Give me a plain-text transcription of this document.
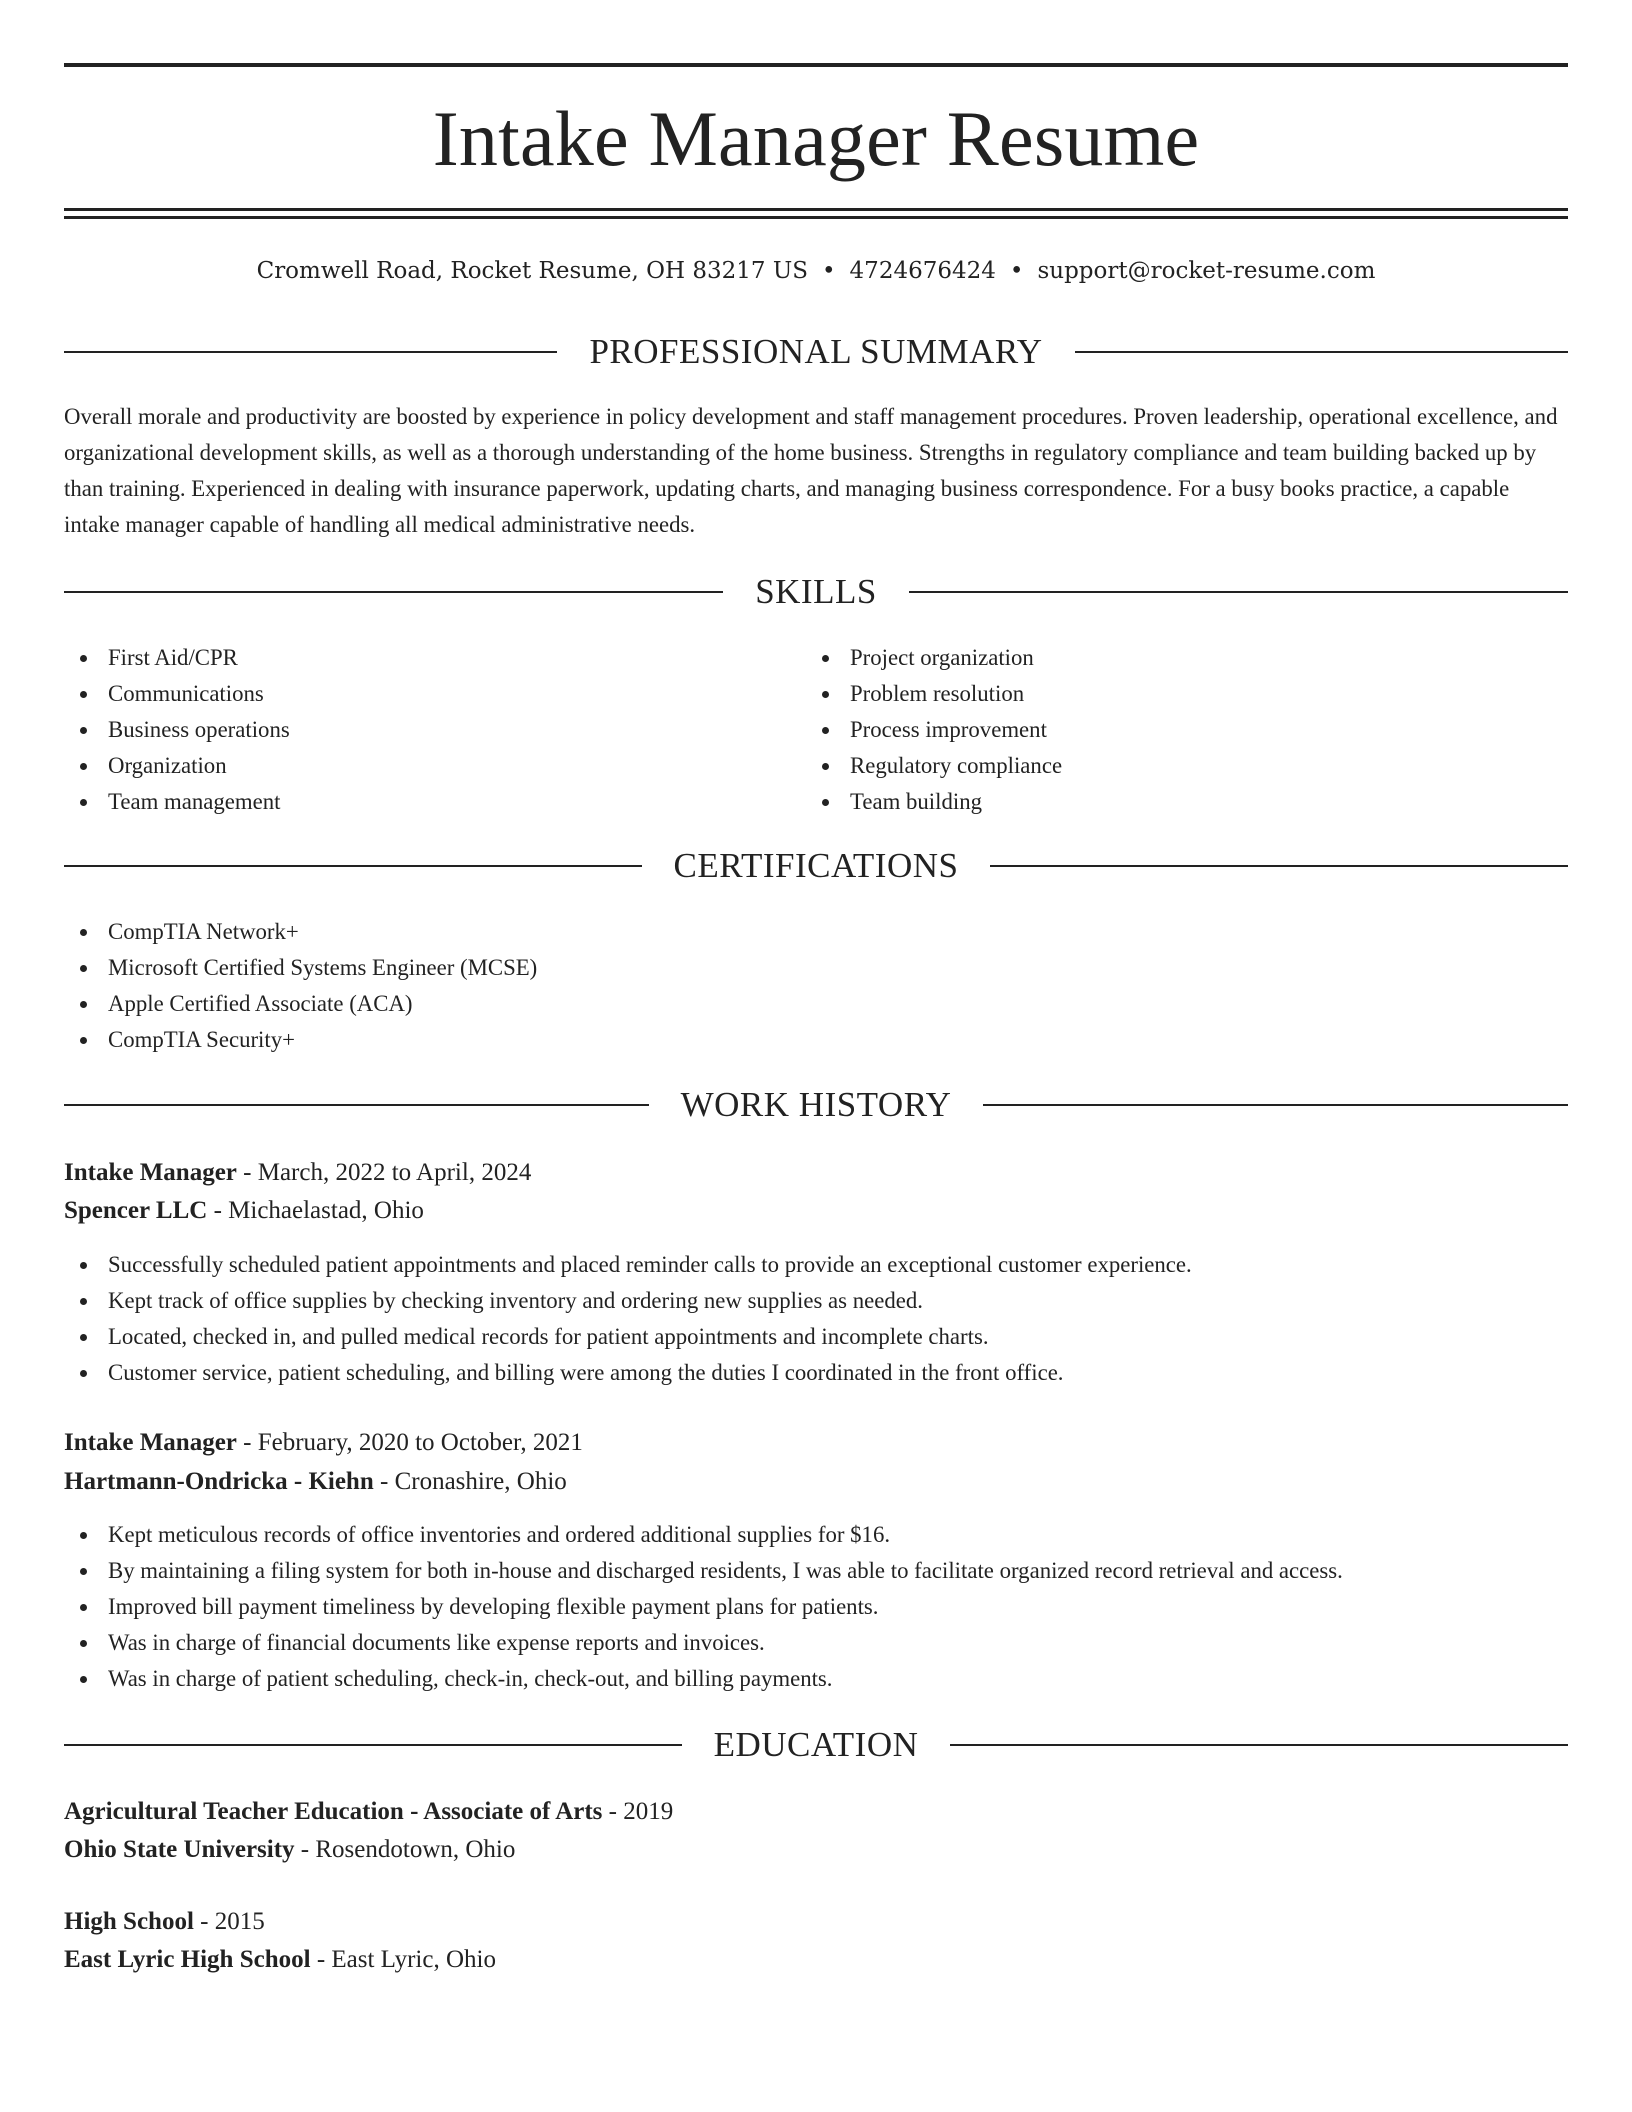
Intake Manager Resume
Cromwell Road, Rocket Resume, OH 83217 US • 4724676424 • support@rocket-resume.com
PROFESSIONAL SUMMARY

Overall morale and productivity are boosted by experience in policy development and staff management procedures. Proven leadership, operational excellence, and organizational development skills, as well as a thorough understanding of the home business. Strengths in regulatory compliance and team building backed up by than training. Experienced in dealing with insurance paperwork, updating charts, and managing business correspondence. For a busy books practice, a capable intake manager capable of handling all medical administrative needs.

SKILLS
First Aid/CPR
Communications
Business operations
Organization
Team management
Project organization
Problem resolution
Process improvement
Regulatory compliance
Team building
CERTIFICATIONS
CompTIA Network+
Microsoft Certified Systems Engineer (MCSE)
Apple Certified Associate (ACA)
CompTIA Security+
WORK HISTORY
Intake Manager - March, 2022 to April, 2024
Spencer LLC - Michaelastad, Ohio
Successfully scheduled patient appointments and placed reminder calls to provide an exceptional customer experience.
Kept track of office supplies by checking inventory and ordering new supplies as needed.
Located, checked in, and pulled medical records for patient appointments and incomplete charts.
Customer service, patient scheduling, and billing were among the duties I coordinated in the front office.
Intake Manager - February, 2020 to October, 2021
Hartmann-Ondricka - Kiehn - Cronashire, Ohio
Kept meticulous records of office inventories and ordered additional supplies for $16.
By maintaining a filing system for both in-house and discharged residents, I was able to facilitate organized record retrieval and access.
Improved bill payment timeliness by developing flexible payment plans for patients.
Was in charge of financial documents like expense reports and invoices.
Was in charge of patient scheduling, check-in, check-out, and billing payments.
EDUCATION
Agricultural Teacher Education - Associate of Arts - 2019
Ohio State University - Rosendotown, Ohio
High School - 2015
East Lyric High School - East Lyric, Ohio
